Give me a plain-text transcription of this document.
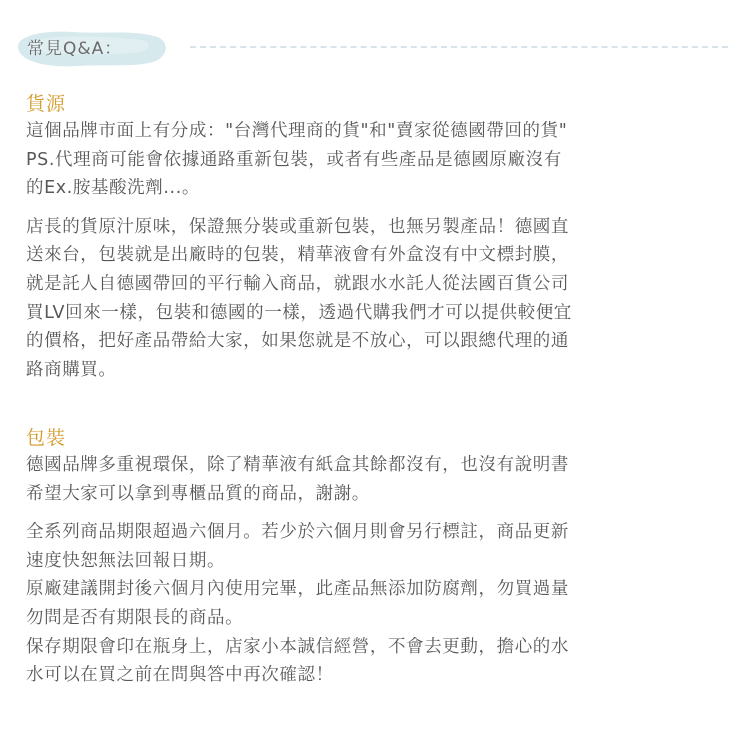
常見Q&A：
貨源
這個品牌市面上有分成："台灣代理商的貨"和"賣家從德國帶回的貨"
PS.代理商可能會依據通路重新包裝，或者有些產品是德國原廠沒有
的Ex.胺基酸洗劑...。
店長的貨原汁原味，保證無分裝或重新包裝，也無另製產品！德國直
送來台，包裝就是出廠時的包裝，精華液會有外盒沒有中文標封膜，
就是託人自德國帶回的平行輸入商品，就跟水水託人從法國百貨公司
買LV回來一樣，包裝和德國的一樣，透過代購我們才可以提供較便宜
的價格，把好產品帶給大家，如果您就是不放心，可以跟總代理的通
路商購買。
包裝
德國品牌多重視環保，除了精華液有紙盒其餘都沒有，也沒有說明書
希望大家可以拿到專櫃品質的商品，謝謝。
全系列商品期限超過六個月。若少於六個月則會另行標註，商品更新
速度快恕無法回報日期。
原廠建議開封後六個月內使用完畢，此產品無添加防腐劑，勿買過量
勿問是否有期限長的商品。
保存期限會印在瓶身上，店家小本誠信經營，不會去更動，擔心的水
水可以在買之前在問與答中再次確認！
